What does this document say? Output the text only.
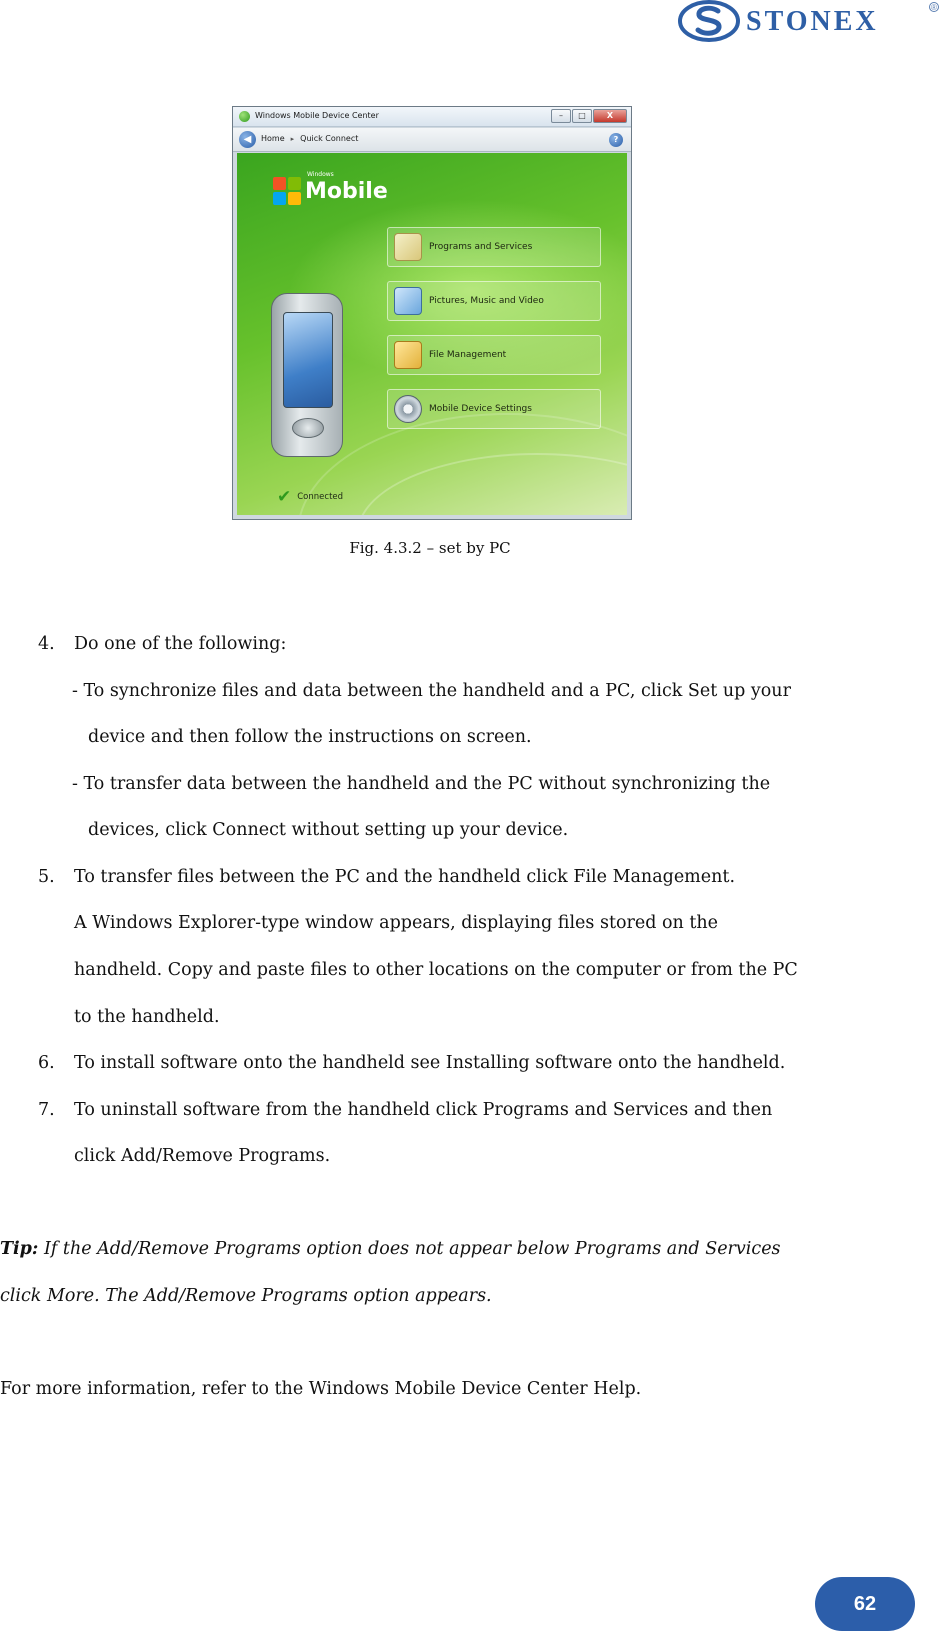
STONEX	®
Windows Mobile Device Center	–	□	X
◀	Home ▸ Quick Connect	?
Windows
Mobile
✔ Connected
Programs and Services
Pictures, Music and Video
File Management
Mobile Device Settings
Fig. 4.3.2 – set by PC
4. Do one of the following:
- To synchronize files and data between the handheld and a PC, click Set up your
device and then follow the instructions on screen.
- To transfer data between the handheld and the PC without synchronizing the
devices, click Connect without setting up your device.
5. To transfer files between the PC and the handheld click File Management.
A Windows Explorer-type window appears, displaying files stored on the
handheld. Copy and paste files to other locations on the computer or from the PC
to the handheld.
6. To install software onto the handheld see Installing software onto the handheld.
7. To uninstall software from the handheld click Programs and Services and then
click Add/Remove Programs.
Tip: If the Add/Remove Programs option does not appear below Programs and Services
click More. The Add/Remove Programs option appears.
For more information, refer to the Windows Mobile Device Center Help.
62
